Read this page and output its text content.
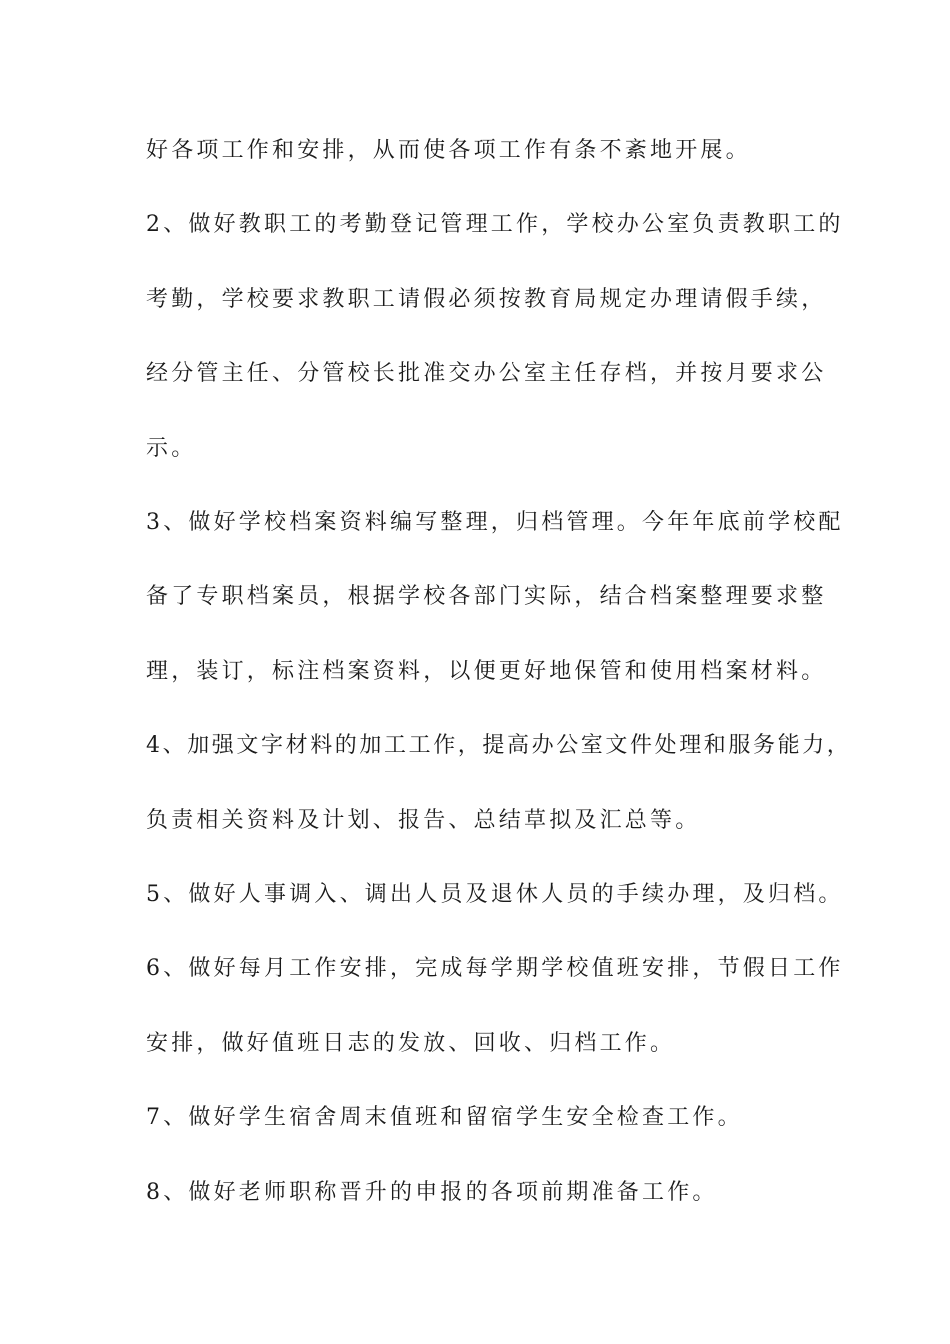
好各项工作和安排，从而使各项工作有条不紊地开展。
2、做好教职工的考勤登记管理工作，学校办公室负责教职工的
考勤，学校要求教职工请假必须按教育局规定办理请假手续，
经分管主任、分管校长批准交办公室主任存档，并按月要求公
示。
3、做好学校档案资料编写整理，归档管理。今年年底前学校配
备了专职档案员，根据学校各部门实际，结合档案整理要求整
理，装订，标注档案资料，以便更好地保管和使用档案材料。
4、加强文字材料的加工工作，提高办公室文件处理和服务能力，
负责相关资料及计划、报告、总结草拟及汇总等。
5、做好人事调入、调出人员及退休人员的手续办理，及归档。
6、做好每月工作安排，完成每学期学校值班安排，节假日工作
安排，做好值班日志的发放、回收、归档工作。
7、做好学生宿舍周末值班和留宿学生安全检查工作。
8、做好老师职称晋升的申报的各项前期准备工作。
